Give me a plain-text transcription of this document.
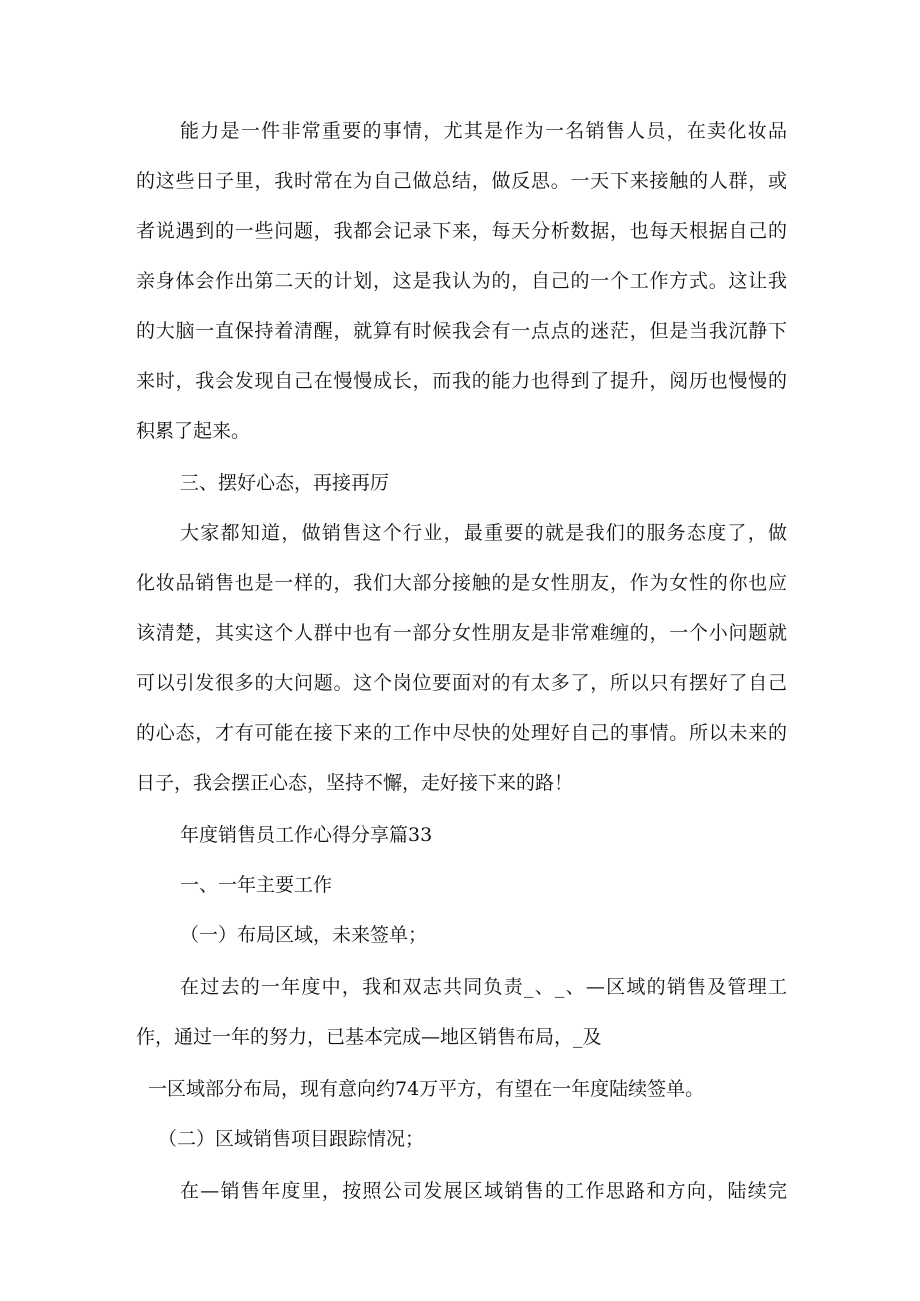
能力是一件非常重要的事情，尤其是作为一名销售人员，在卖化妆品

的这些日子里，我时常在为自己做总结，做反思。一天下来接触的人群，或

者说遇到的一些问题，我都会记录下来，每天分析数据，也每天根据自己的

亲身体会作出第二天的计划，这是我认为的，自己的一个工作方式。这让我

的大脑一直保持着清醒，就算有时候我会有一点点的迷茫，但是当我沉静下

来时，我会发现自己在慢慢成长，而我的能力也得到了提升，阅历也慢慢的

积累了起来。

三、摆好心态，再接再厉

大家都知道，做销售这个行业，最重要的就是我们的服务态度了，做

化妆品销售也是一样的，我们大部分接触的是女性朋友，作为女性的你也应

该清楚，其实这个人群中也有一部分女性朋友是非常难缠的，一个小问题就

可以引发很多的大问题。这个岗位要面对的有太多了，所以只有摆好了自己

的心态，才有可能在接下来的工作中尽快的处理好自己的事情。所以未来的

日子，我会摆正心态，坚持不懈，走好接下来的路！

年度销售员工作心得分享篇33

一、一年主要工作

（一）布局区域，未来签单；

在过去的一年度中，我和双志共同负责_、_、—区域的销售及管理工

作，通过一年的努力，已基本完成—地区销售布局，_及

一区域部分布局，现有意向约74万平方，有望在一年度陆续签单。

（二）区域销售项目跟踪情况；

在—销售年度里，按照公司发展区域销售的工作思路和方向，陆续完
